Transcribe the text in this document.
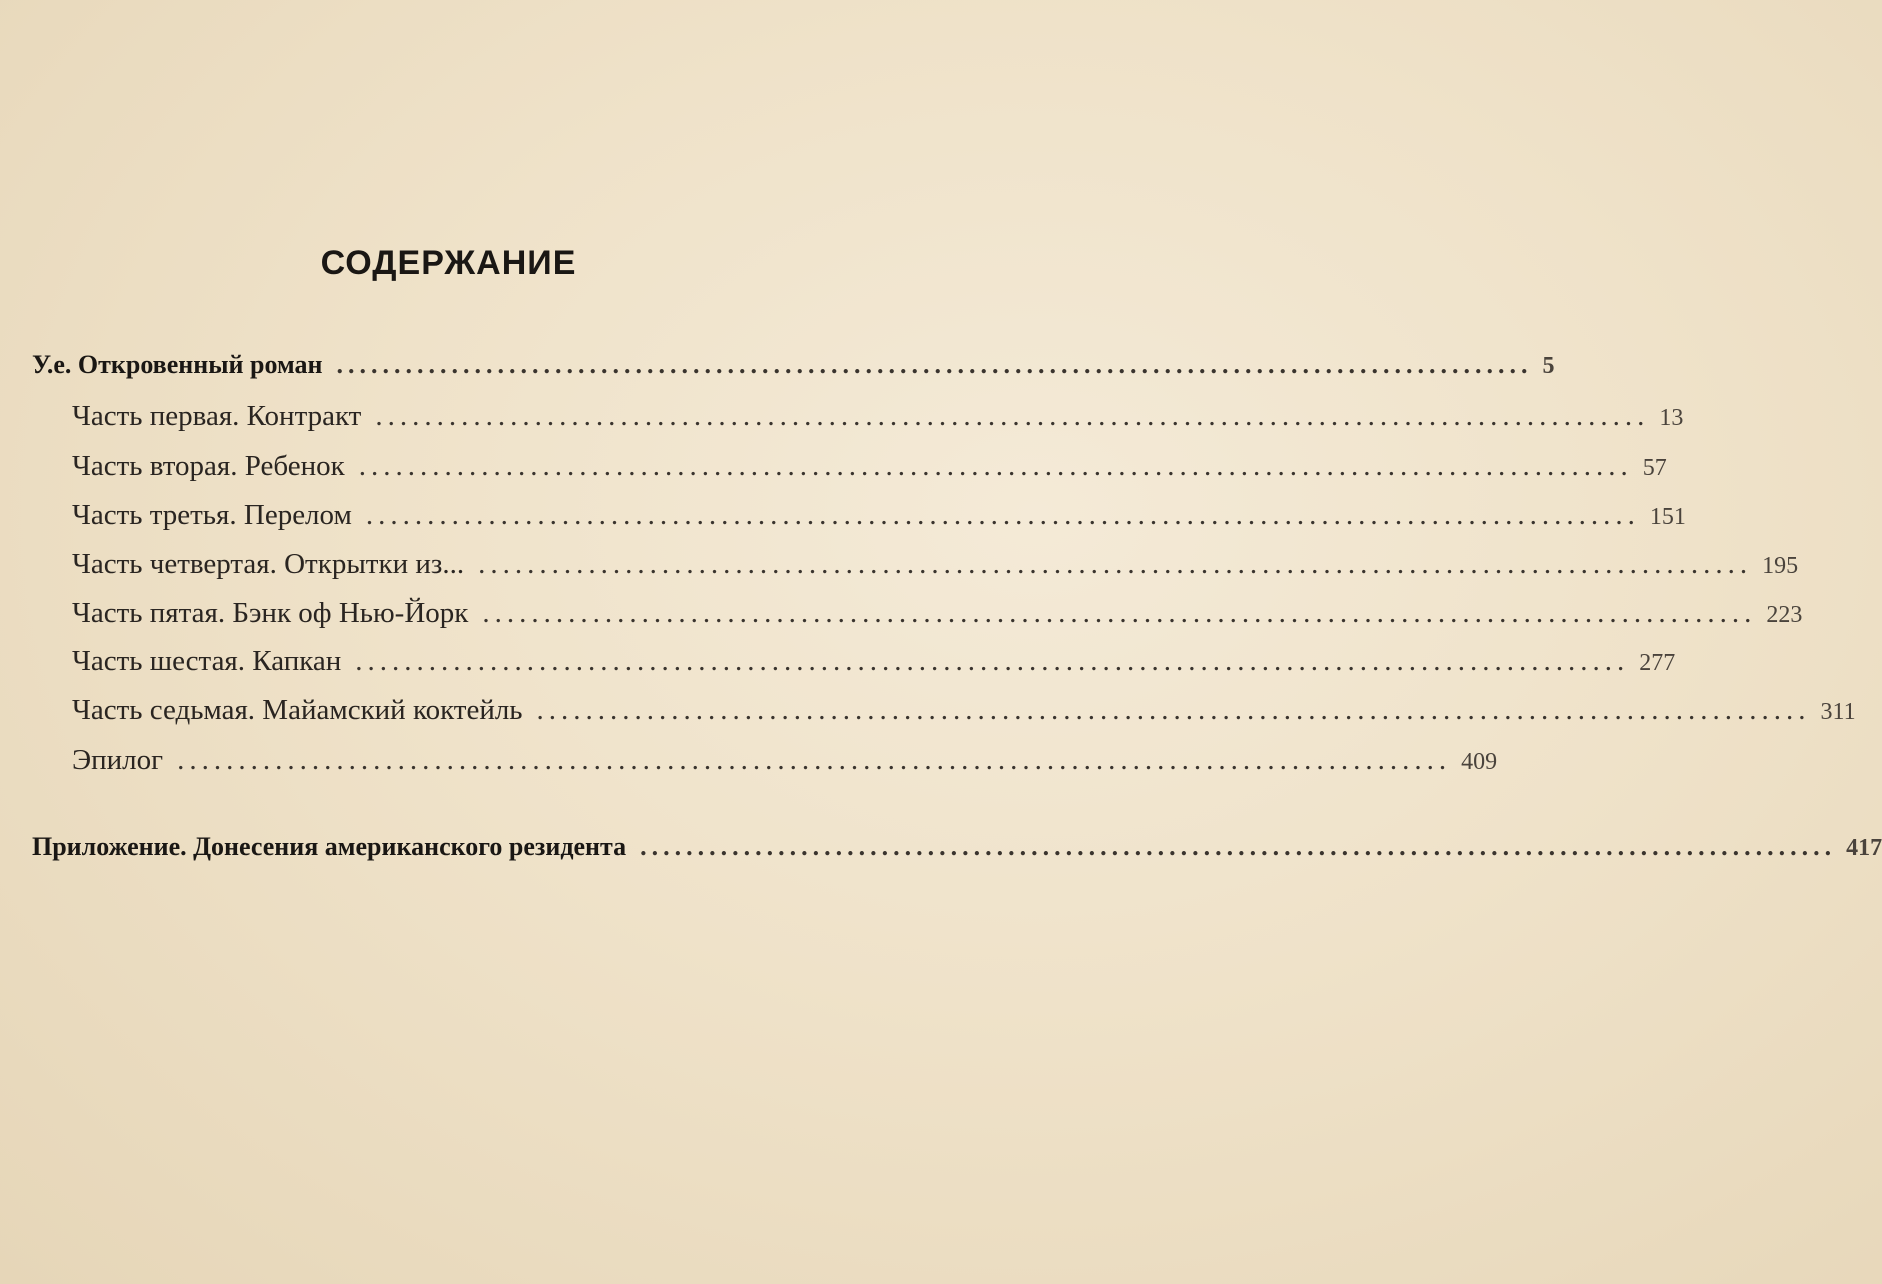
СОДЕРЖАНИЕ
У.е. Откровенный роман ........................................................................................................ 5
Часть первая. Контракт ........................................................................................................ 13
Часть вторая. Ребенок ........................................................................................................ 57
Часть третья. Перелом ........................................................................................................ 151
Часть четвертая. Открытки из... ........................................................................................................ 195
Часть пятая. Бэнк оф Нью-Йорк ........................................................................................................ 223
Часть шестая. Капкан ........................................................................................................ 277
Часть седьмая. Майамский коктейль ........................................................................................................ 311
Эпилог ........................................................................................................ 409
Приложение. Донесения американского резидента ........................................................................................................ 417
